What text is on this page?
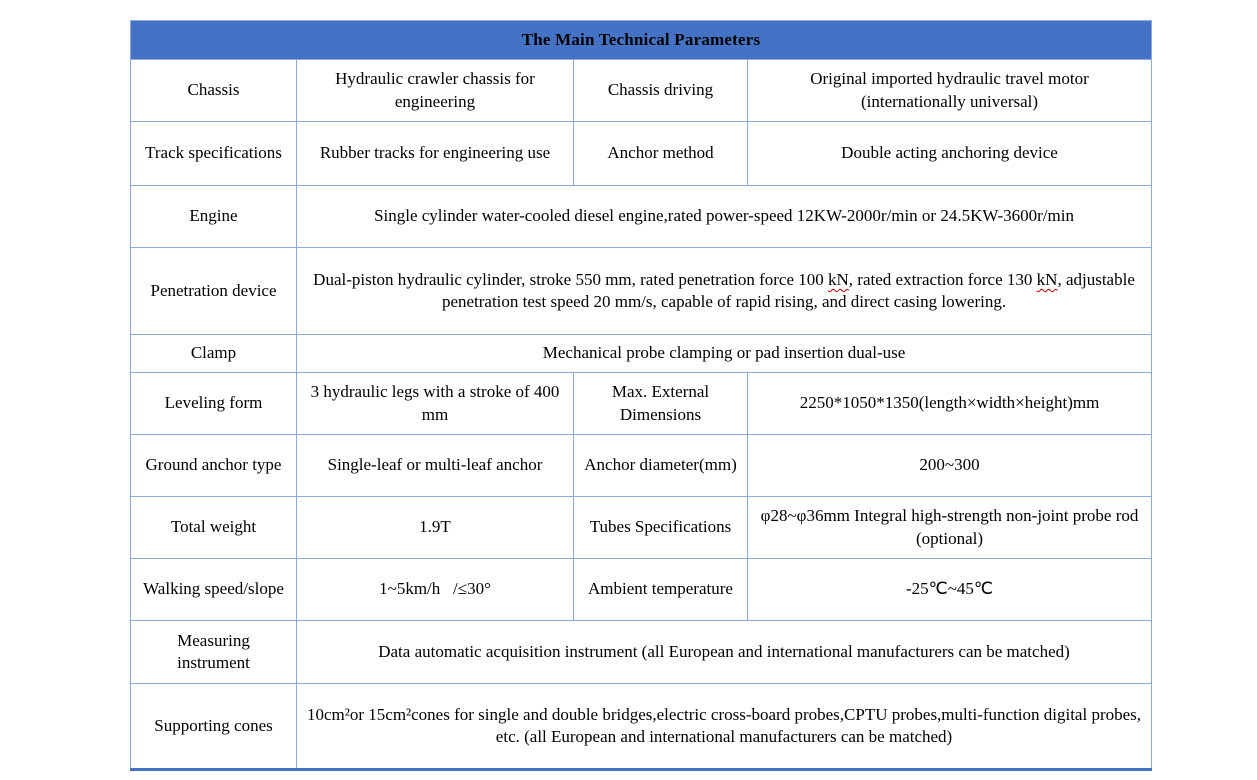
The Main Technical Parameters			
Chassis	Hydraulic crawler chassis for engineering	Chassis driving	Original imported hydraulic travel motor (internationally universal)
Track specifications	Rubber tracks for engineering use	Anchor method	Double acting anchoring device
Engine	Single cylinder water-cooled diesel engine,rated power-speed 12KW-2000r/min or 24.5KW-3600r/min		
Penetration device	Dual-piston hydraulic cylinder, stroke 550 mm, rated penetration force 100 kN, rated extraction force 130 kN, adjustable penetration test speed 20 mm/s, capable of rapid rising, and direct casing lowering.		
Clamp	Mechanical probe clamping or pad insertion dual-use		
Leveling form	3 hydraulic legs with a stroke of 400 mm	Max. External Dimensions	2250*1050*1350(length×width×height)mm
Ground anchor type	Single-leaf or multi-leaf anchor	Anchor diameter(mm)	200~300
Total weight	1.9T	Tubes Specifications	φ28~φ36mm Integral high-strength non-joint probe rod (optional)
Walking speed/slope	1~5km/h   /≤30°	Ambient temperature	-25℃~45℃
Measuring instrument	Data automatic acquisition instrument (all European and international manufacturers can be matched)		
Supporting cones	10cm²or 15cm²cones for single and double bridges,electric cross-board probes,CPTU probes,multi-function digital probes, etc. (all European and international manufacturers can be matched)		
